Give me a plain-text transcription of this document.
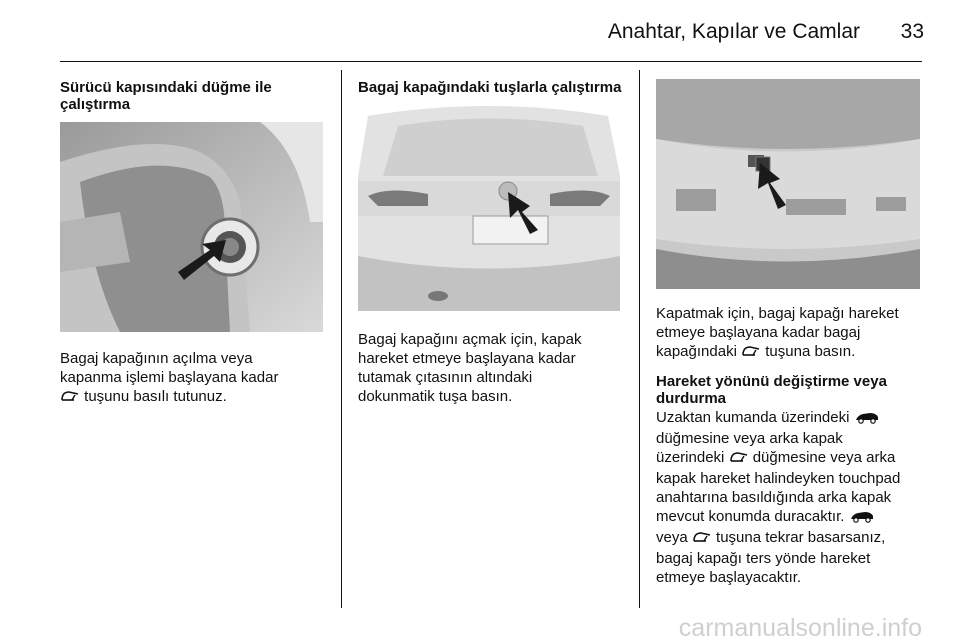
Anahtar, Kapılar ve Camlar	33
Sürücü kapısındaki düğme ile
çalıştırma
Bagaj kapağının açılma veya
kapanma işlemi başlayana kadar
tuşunu basılı tutunuz.
Bagaj kapağındaki tuşlarla çalıştırma
Bagaj kapağını açmak için, kapak
hareket etmeye başlayana kadar
tutamak çıtasının altındaki
dokunmatik tuşa basın.
Kapatmak için, bagaj kapağı hareket
etmeye başlayana kadar bagaj
kapağındaki tuşuna basın.
Hareket yönünü değiştirme veya
durdurma
Uzaktan kumanda üzerindeki
düğmesine veya arka kapak
üzerindeki düğmesine veya arka
kapak hareket halindeyken touchpad
anahtarına basıldığında arka kapak
mevcut konumda duracaktır.
veya tuşuna tekrar basarsanız,
bagaj kapağı ters yönde hareket
etmeye başlayacaktır.
carmanualsonline.info
